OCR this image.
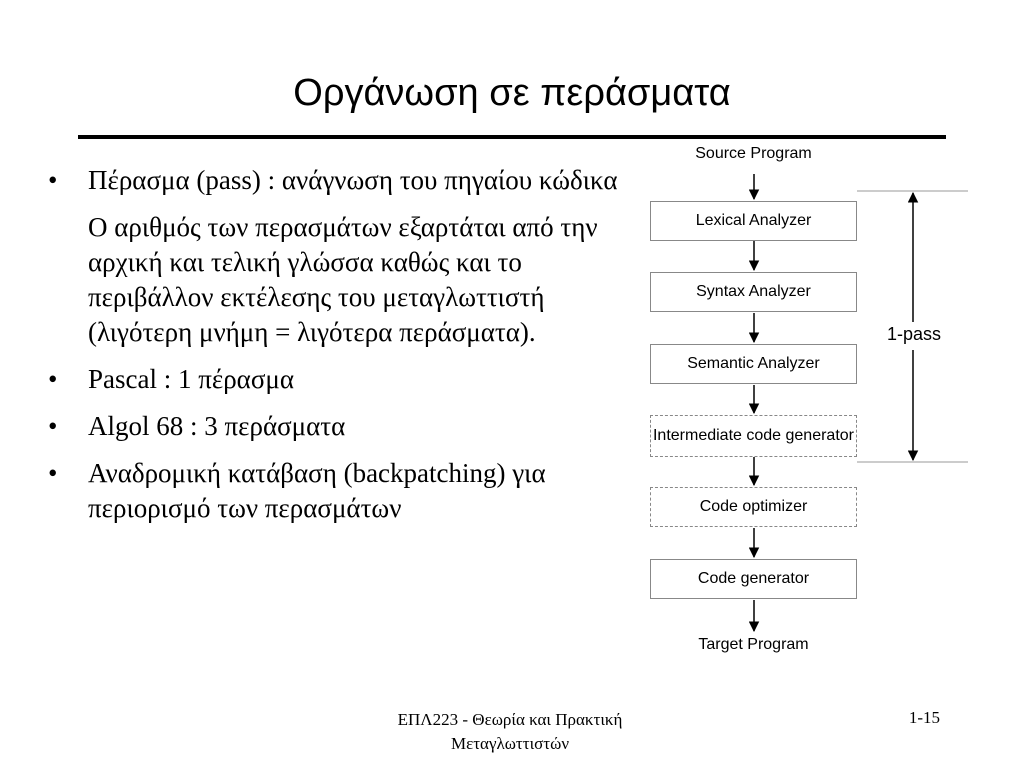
Οργάνωση σε περάσματα
• Πέρασμα (pass) : ανάγνωση του πηγαίου κώδικα
Ο αριθμός των περασμάτων εξαρτάται από την αρχική και τελική γλώσσα καθώς και το περιβάλλον εκτέλεσης του μεταγλωττιστή (λιγότερη μνήμη = λιγότερα περάσματα).
• Pascal : 1 πέρασμα
• Algol 68 : 3 περάσματα
• Αναδρομική κατάβαση (backpatching) για περιορισμό των περασμάτων
Source Program
Lexical Analyzer
Syntax Analyzer
Semantic Analyzer
Intermediate code generator
Code optimizer
Code generator
Target Program
1-pass
ΕΠΛ223 - Θεωρία και Πρακτική Μεταγλωττιστών
1-15
